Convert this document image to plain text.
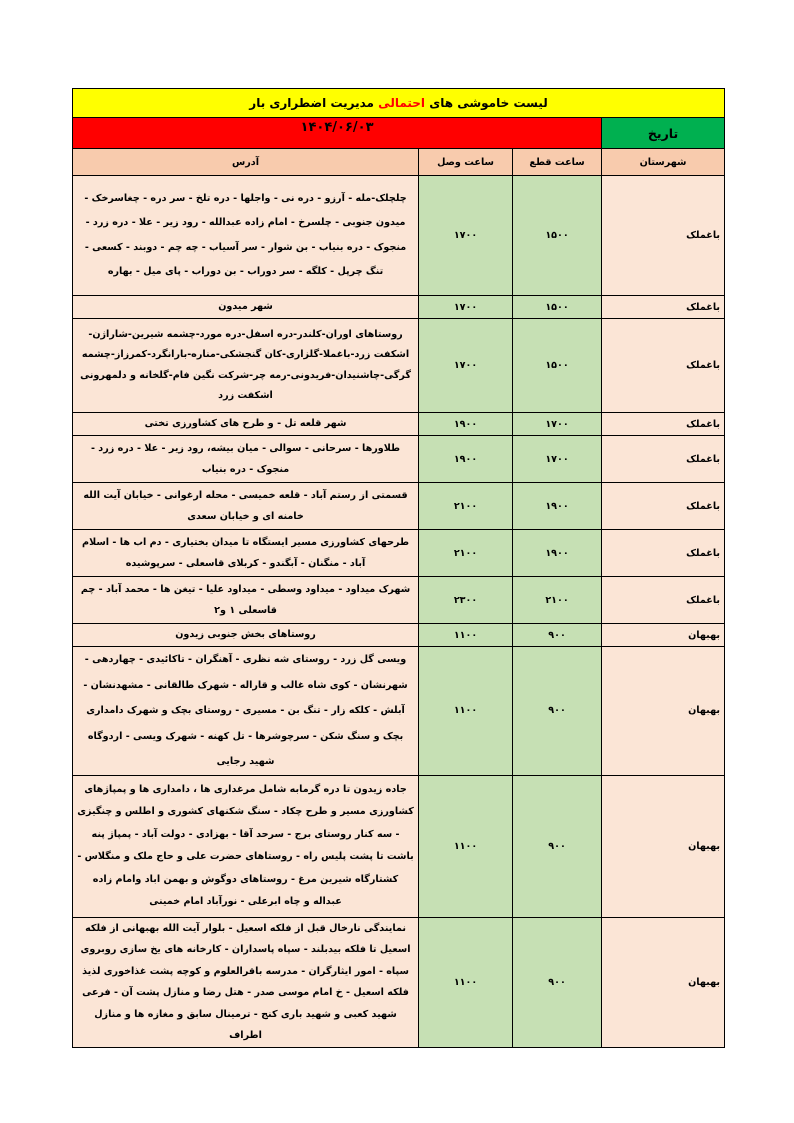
لیست خاموشی های احتمالی مدیریت اضطراری بار			
تاریخ	۱۴۰۴/۰۶/۰۳		
شهرستان	ساعت قطع	ساعت وصل	آدرس
باغملک	۱۵۰۰	۱۷۰۰	چلچلک-مله - آرزو - دره نی - واجلها - دره تلخ - سر دره - چغاسرخک - میدون جنوبی - چلسرخ - امام زاده عبدالله - رود زیر - علا - دره زرد - منجوک - دره بنیاب - بن شوار - سر آسیاب - چه چم - دوبند - کسعی - تنگ چرپل - کلگه - سر دوراب - بن دوراب - پای میل - بهاره
باغملک	۱۵۰۰	۱۷۰۰	شهر میدون
باغملک	۱۵۰۰	۱۷۰۰	روستاهای اوران-کلندر-دره اسفل-دره مورد-چشمه شیرین-شاراژن-اشکفت زرد-باغملا-گلزاری-کان گنجشکی-مناره-بارانگرد-کمرزاز-چشمه گرگی-چاشنیدان-فریدونی-رمه چر-شرکت نگین فام-گلخانه و دلمهرونی اشکفت زرد
باغملک	۱۷۰۰	۱۹۰۰	شهر قلعه تل - و طرح های کشاورزی تختی
باغملک	۱۷۰۰	۱۹۰۰	طلاورها - سرحانی - سوالی - میان بیشه، رود زیر - علا - دره زرد - منجوک - دره بنیاب
باغملک	۱۹۰۰	۲۱۰۰	قسمتی از رستم آباد - قلعه خمیسی - محله ارغوانی - خیابان آیت الله خامنه ای و خیابان سعدی
باغملک	۱۹۰۰	۲۱۰۰	طرحهای کشاورزی مسیر ایستگاه تا میدان بختیاری - دم اب ها - اسلام آباد - منگنان - آبگندو - کربلای قاسعلی - سرپوشیده
باغملک	۲۱۰۰	۲۳۰۰	شهرک میداود - میداود وسطی - میداود علیا - تیغن ها - محمد آباد - چم قاسعلی ۱ و۲
بهبهان	۹۰۰	۱۱۰۰	روستاهای بخش جنوبی زیدون
بهبهان	۹۰۰	۱۱۰۰	ویسی گل زرد - روستای شه نظری - آهنگران - تاکائیدی - چهاردهی - شهرنشان - کوی شاه غالب و قاراله - شهرک طالقانی - مشهدنشان - آبلش - کلکه زار - تنگ بن - مسیری - روستای بچک و شهرک دامداری بچک و سنگ شکن - سرچوشرها - تل کهنه - شهرک ویسی - اردوگاه شهید رجایی
بهبهان	۹۰۰	۱۱۰۰	جاده زیدون تا دره گرمابه شامل مرغداری ها ، دامداری ها و پمپاژهای کشاورزی مسیر و طرح چکاد - سنگ شکنهای کشوری و اطلس و چنگیزی - سه کنار روستای برج - سرحد آقا - بهزادی - دولت آباد - پمپاژ پنه باشت تا پشت پلیس راه - روستاهای حضرت علی و حاج ملک و منگلاس - کشتارگاه شیرین مرغ - روستاهای دوگوش و بهمن اباد وامام زاده عبداله و چاه ابرعلی - نورآباد امام خمینی
بهبهان	۹۰۰	۱۱۰۰	نمایندگی نارخال قبل از فلکه اسعیل - بلوار آیت الله بهبهانی از فلکه اسعیل تا فلکه بیدبلند - سپاه پاسداران - کارخانه های یخ سازی روبروی سپاه - امور ایثارگران - مدرسه باقرالعلوم و کوچه پشت غذاخوری لذیذ فلکه اسعیل - خ امام موسی صدر - هتل رضا و منازل پشت آن - فرعی شهید کعبی و شهید باری کنج - ترمینال سابق و مغازه ها و منازل اطراف
